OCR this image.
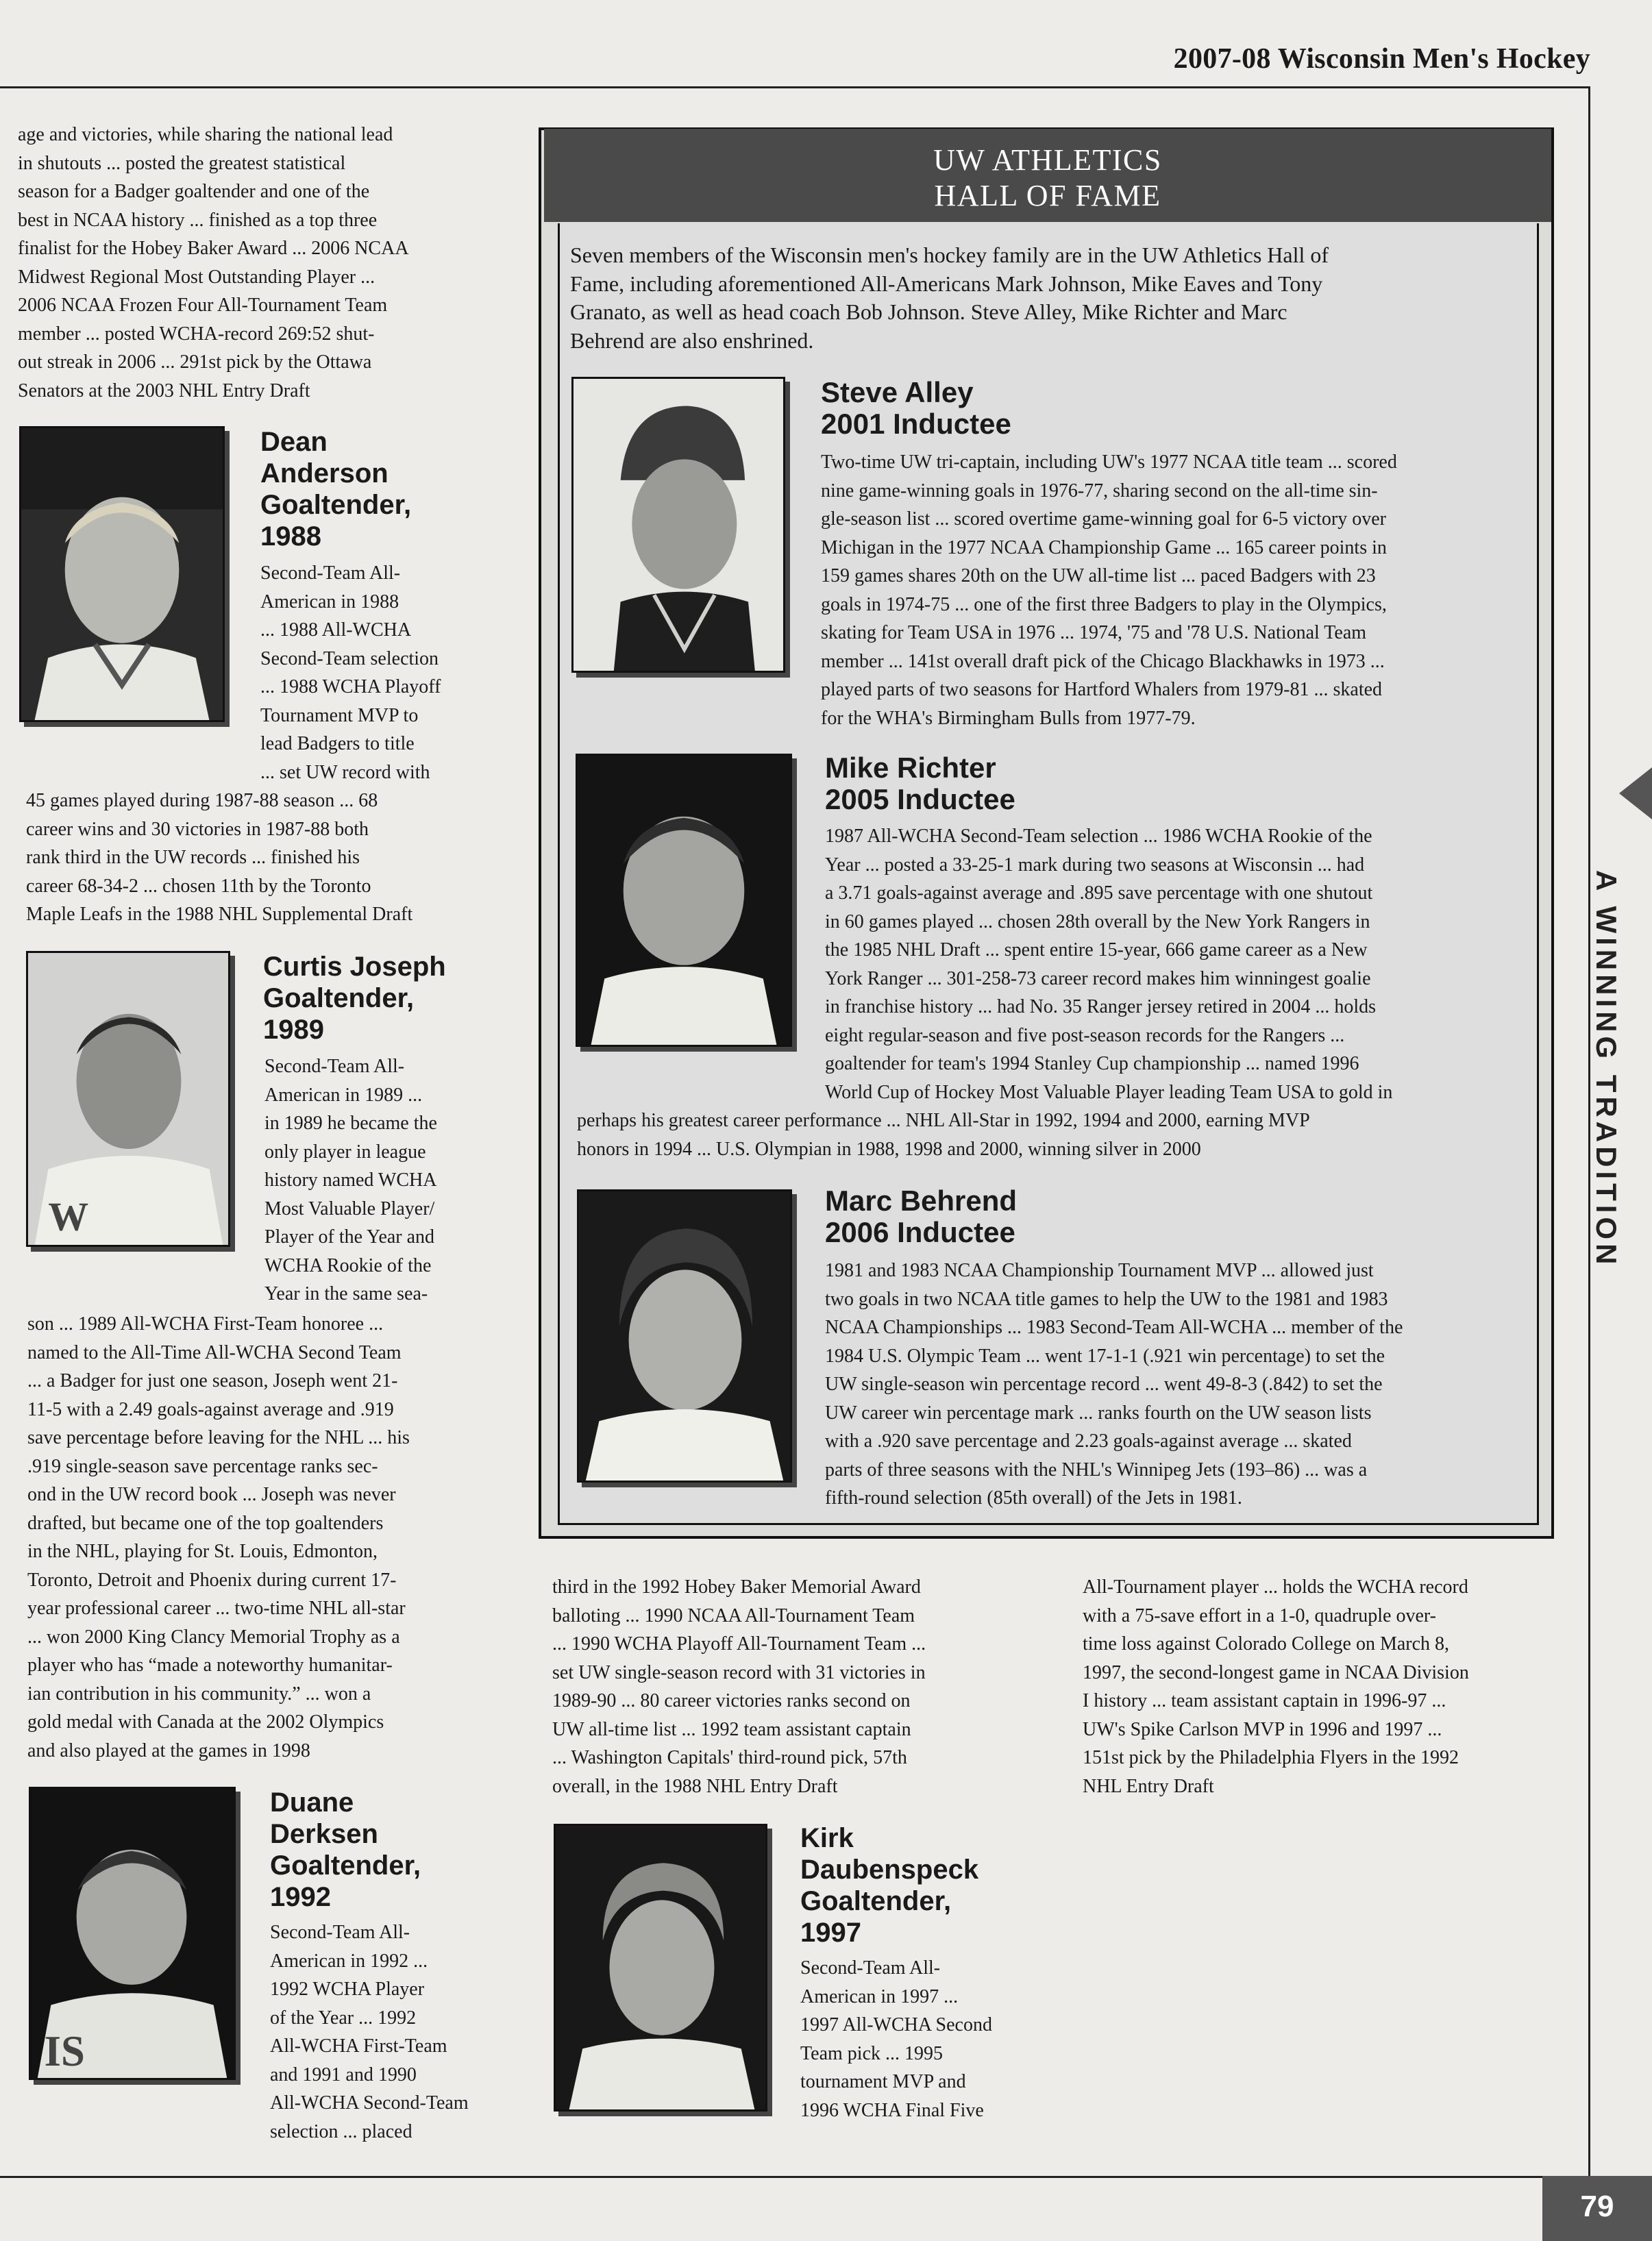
2007-08 Wisconsin Men's Hockey

age and victories, while sharing the national lead

in shutouts ... posted the greatest statistical

season for a Badger goaltender and one of the

best in NCAA history ... finished as a top three

finalist for the Hobey Baker Award ... 2006 NCAA

Midwest Regional Most Outstanding Player ...

2006 NCAA Frozen Four All-Tournament Team

member ... posted WCHA-record 269:52 shut-

out streak in 2006 ... 291st pick by the Ottawa

Senators at the 2003 NHL Entry Draft

Dean
Anderson
Goaltender,
1988

Second-Team All-

American in 1988

... 1988 All-WCHA

Second-Team selection

... 1988 WCHA Playoff

Tournament MVP to

lead Badgers to title

... set UW record with

45 games played during 1987-88 season ... 68

career wins and 30 victories in 1987-88 both

rank third in the UW records ... finished his

career 68-34-2 ... chosen 11th by the Toronto

Maple Leafs in the 1988 NHL Supplemental Draft

W
Curtis Joseph
Goaltender,
1989

Second-Team All-

American in 1989 ...

in 1989 he became the

only player in league

history named WCHA

Most Valuable Player/

Player of the Year and

WCHA Rookie of the

Year in the same sea-

son ... 1989 All-WCHA First-Team honoree ...

named to the All-Time All-WCHA Second Team

... a Badger for just one season, Joseph went 21-

11-5 with a 2.49 goals-against average and .919

save percentage before leaving for the NHL ... his

.919 single-season save percentage ranks sec-

ond in the UW record book ... Joseph was never

drafted, but became one of the top goaltenders

in the NHL, playing for St. Louis, Edmonton,

Toronto, Detroit and Phoenix during current 17-

year professional career ... two-time NHL all-star

... won 2000 King Clancy Memorial Trophy as a

player who has “made a noteworthy humanitar-

ian contribution in his community.” ... won a

gold medal with Canada at the 2002 Olympics

and also played at the games in 1998

IS
Duane
Derksen
Goaltender,
1992

Second-Team All-

American in 1992 ...

1992 WCHA Player

of the Year ... 1992

All-WCHA First-Team

and 1991 and 1990

All-WCHA Second-Team

selection ... placed

UW ATHLETICS
HALL OF FAME

Seven members of the Wisconsin men's hockey family are in the UW Athletics Hall of

Fame, including aforementioned All-Americans Mark Johnson, Mike Eaves and Tony

Granato, as well as head coach Bob Johnson. Steve Alley, Mike Richter and Marc

Behrend are also enshrined.

Steve Alley
2001 Inductee

Two-time UW tri-captain, including UW's 1977 NCAA title team ... scored

nine game-winning goals in 1976-77, sharing second on the all-time sin-

gle-season list ... scored overtime game-winning goal for 6-5 victory over

Michigan in the 1977 NCAA Championship Game ... 165 career points in

159 games shares 20th on the UW all-time list ... paced Badgers with 23

goals in 1974-75 ... one of the first three Badgers to play in the Olympics,

skating for Team USA in 1976 ... 1974, '75 and '78 U.S. National Team

member ... 141st overall draft pick of the Chicago Blackhawks in 1973 ...

played parts of two seasons for Hartford Whalers from 1979-81 ... skated

for the WHA's Birmingham Bulls from 1977-79.

Mike Richter
2005 Inductee

1987 All-WCHA Second-Team selection ... 1986 WCHA Rookie of the

Year ... posted a 33-25-1 mark during two seasons at Wisconsin ... had

a 3.71 goals-against average and .895 save percentage with one shutout

in 60 games played ... chosen 28th overall by the New York Rangers in

the 1985 NHL Draft ... spent entire 15-year, 666 game career as a New

York Ranger ... 301-258-73 career record makes him winningest goalie

in franchise history ... had No. 35 Ranger jersey retired in 2004 ... holds

eight regular-season and five post-season records for the Rangers ...

goaltender for team's 1994 Stanley Cup championship ... named 1996

World Cup of Hockey Most Valuable Player leading Team USA to gold in

perhaps his greatest career performance ... NHL All-Star in 1992, 1994 and 2000, earning MVP

honors in 1994 ... U.S. Olympian in 1988, 1998 and 2000, winning silver in 2000

Marc Behrend
2006 Inductee

1981 and 1983 NCAA Championship Tournament MVP ... allowed just

two goals in two NCAA title games to help the UW to the 1981 and 1983

NCAA Championships ... 1983 Second-Team All-WCHA ... member of the

1984 U.S. Olympic Team ... went 17-1-1 (.921 win percentage) to set the

UW single-season win percentage record ... went 49-8-3 (.842) to set the

UW career win percentage mark ... ranks fourth on the UW season lists

with a .920 save percentage and 2.23 goals-against average ... skated

parts of three seasons with the NHL's Winnipeg Jets (193–86) ... was a

fifth-round selection (85th overall) of the Jets in 1981.

third in the 1992 Hobey Baker Memorial Award

balloting ... 1990 NCAA All-Tournament Team

... 1990 WCHA Playoff All-Tournament Team ...

set UW single-season record with 31 victories in

1989-90 ... 80 career victories ranks second on

UW all-time list ... 1992 team assistant captain

... Washington Capitals' third-round pick, 57th

overall, in the 1988 NHL Entry Draft

Kirk
Daubenspeck
Goaltender,
1997

Second-Team All-

American in 1997 ...

1997 All-WCHA Second

Team pick ... 1995

tournament MVP and

1996 WCHA Final Five

All-Tournament player ... holds the WCHA record

with a 75-save effort in a 1-0, quadruple over-

time loss against Colorado College on March 8,

1997, the second-longest game in NCAA Division

I history ... team assistant captain in 1996-97 ...

UW's Spike Carlson MVP in 1996 and 1997 ...

151st pick by the Philadelphia Flyers in the 1992

NHL Entry Draft

A WINNING TRADITION
79
